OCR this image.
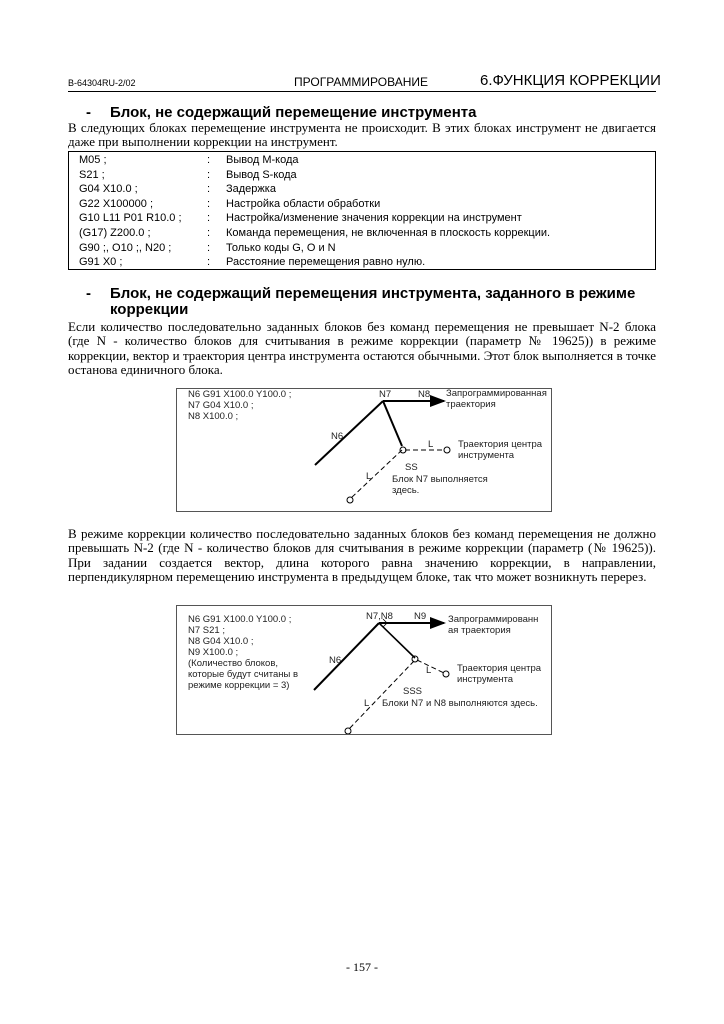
B-64304RU-2/02	ПРОГРАММИРОВАНИЕ	6.ФУНКЦИЯ КОРРЕКЦИИ
- Блок, не содержащий перемещение инструмента
В следующих блоках перемещение инструмента не происходит. В этих блоках инструмент не двигается даже при выполнении коррекции на инструмент.
M05 ;	: Вывод M-кода
S21 ;	: Вывод S-кода
G04 X10.0 ;	: Задержка
G22 X100000 ;	: Настройка области обработки
G10 L11 P01 R10.0 ; : Настройка/изменение значения коррекции на инструмент
(G17) Z200.0 ;	: Команда перемещения, не включенная в плоскость коррекции.
G90 ;, O10 ;, N20 ;	: Только коды G, O и N
G91 X0 ;	: Расстояние перемещения равно нулю.
- Блок, не содержащий перемещения инструмента, заданного в режиме
коррекции
Если количество последовательно заданных блоков без команд перемещения не превышает N-2 блока (где N - количество блоков для считывания в режиме коррекции (параметр № 19625)) в режиме коррекции, вектор и траектория центра инструмента остаются обычными. Этот блок выполняется в точке останова единичного блока.
N6 G91 X100.0 Y100.0 ;
N7 G04 X10.0 ;
N8 X100.0 ;
N7	N8
N6
Запрограммированная
траектория
Траектория центра
инструмента
L
L
SS
Блок N7 выполняется
здесь.
В режиме коррекции количество последовательно заданных блоков без команд перемещения не должно превышать N-2 (где N - количество блоков для считывания в режиме коррекции (параметр (№ 19625)). При задании создается вектор, длина которого равна значению коррекции, в направлении, перпендикулярном перемещению инструмента в предыдущем блоке, так что может возникнуть перерез.
N6 G91 X100.0 Y100.0 ;
N7 S21 ;
N8 G04 X10.0 ;
N9 X100.0 ;
(Количество блоков,
которые будут считаны в
режиме коррекции = 3)
N7,N8 N9
N6
Запрограммированн
ая траектория
Траектория центра
инструмента
L
L
SSS
Блоки N7 и N8 выполняются здесь.
- 157 -
